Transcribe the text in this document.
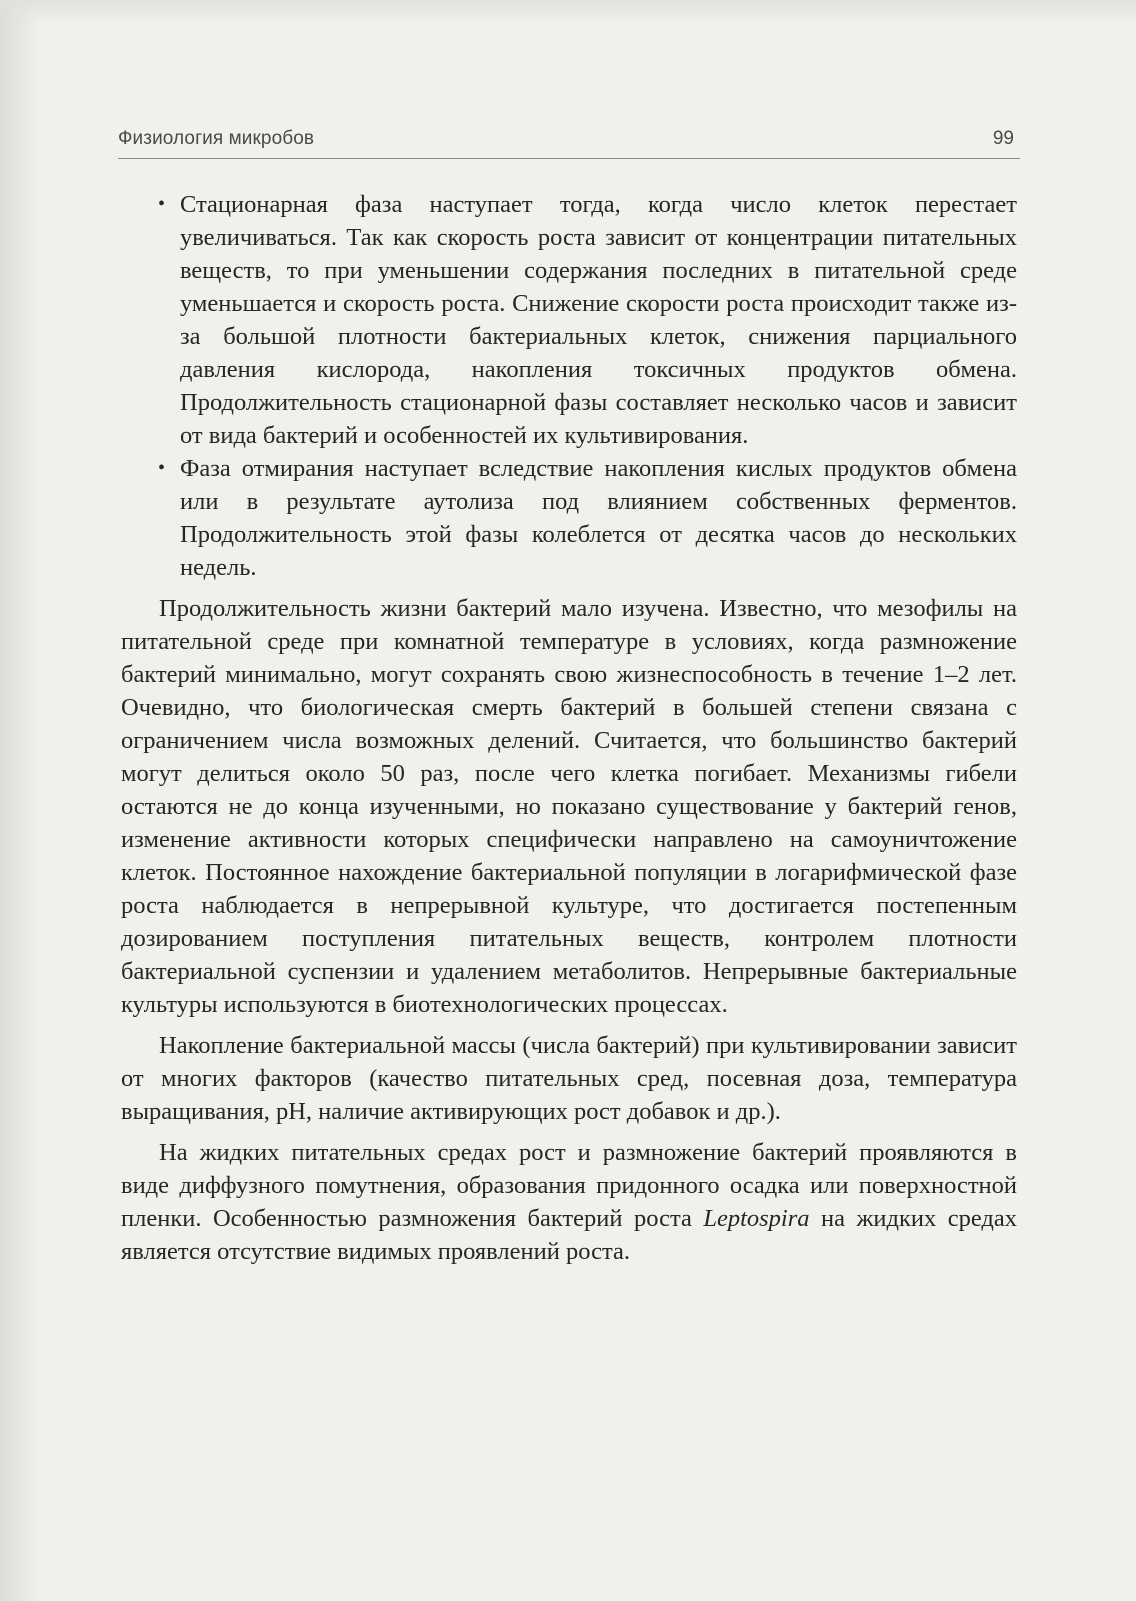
Физиология микробов	99
• Стационарная фаза наступает тогда, когда число клеток перестает увеличиваться. Так как скорость роста зависит от концентрации питательных веществ, то при уменьшении содержания последних в питательной среде уменьшается и скорость роста. Снижение скорости роста происходит также из-за большой плотности бактериальных клеток, снижения парциального давления кислорода, накопления токсичных продуктов обмена. Продолжительность стационарной фазы составляет несколько часов и зависит от вида бактерий и особенностей их культивирования.
• Фаза отмирания наступает вследствие накопления кислых продуктов обмена или в результате аутолиза под влиянием собственных ферментов. Продолжительность этой фазы колеблется от десятка часов до нескольких недель.

Продолжительность жизни бактерий мало изучена. Известно, что мезофилы на питательной среде при комнатной температуре в условиях, когда размножение бактерий минимально, могут сохранять свою жизнеспособность в течение 1–2 лет. Очевидно, что биологическая смерть бактерий в большей степени связана с ограничением числа возможных делений. Считается, что большинство бактерий могут делиться около 50 раз, после чего клетка погибает. Механизмы гибели остаются не до конца изученными, но показано существование у бактерий генов, изменение активности которых специфически направлено на самоуничтожение клеток. Постоянное нахождение бактериальной популяции в логарифмической фазе роста наблюдается в непрерывной культуре, что достигается постепенным дозированием поступления питательных веществ, контролем плотности бактериальной суспензии и удалением метаболитов. Непрерывные бактериальные культуры используются в биотехнологических процессах.

Накопление бактериальной массы (числа бактерий) при культивировании зависит от многих факторов (качество питательных сред, посевная доза, температура выращивания, pH, наличие активирующих рост добавок и др.).

На жидких питательных средах рост и размножение бактерий проявляются в виде диффузного помутнения, образования придонного осадка или поверхностной пленки. Особенностью размножения бактерий роста Leptospira на жидких средах является отсутствие видимых проявлений роста.
